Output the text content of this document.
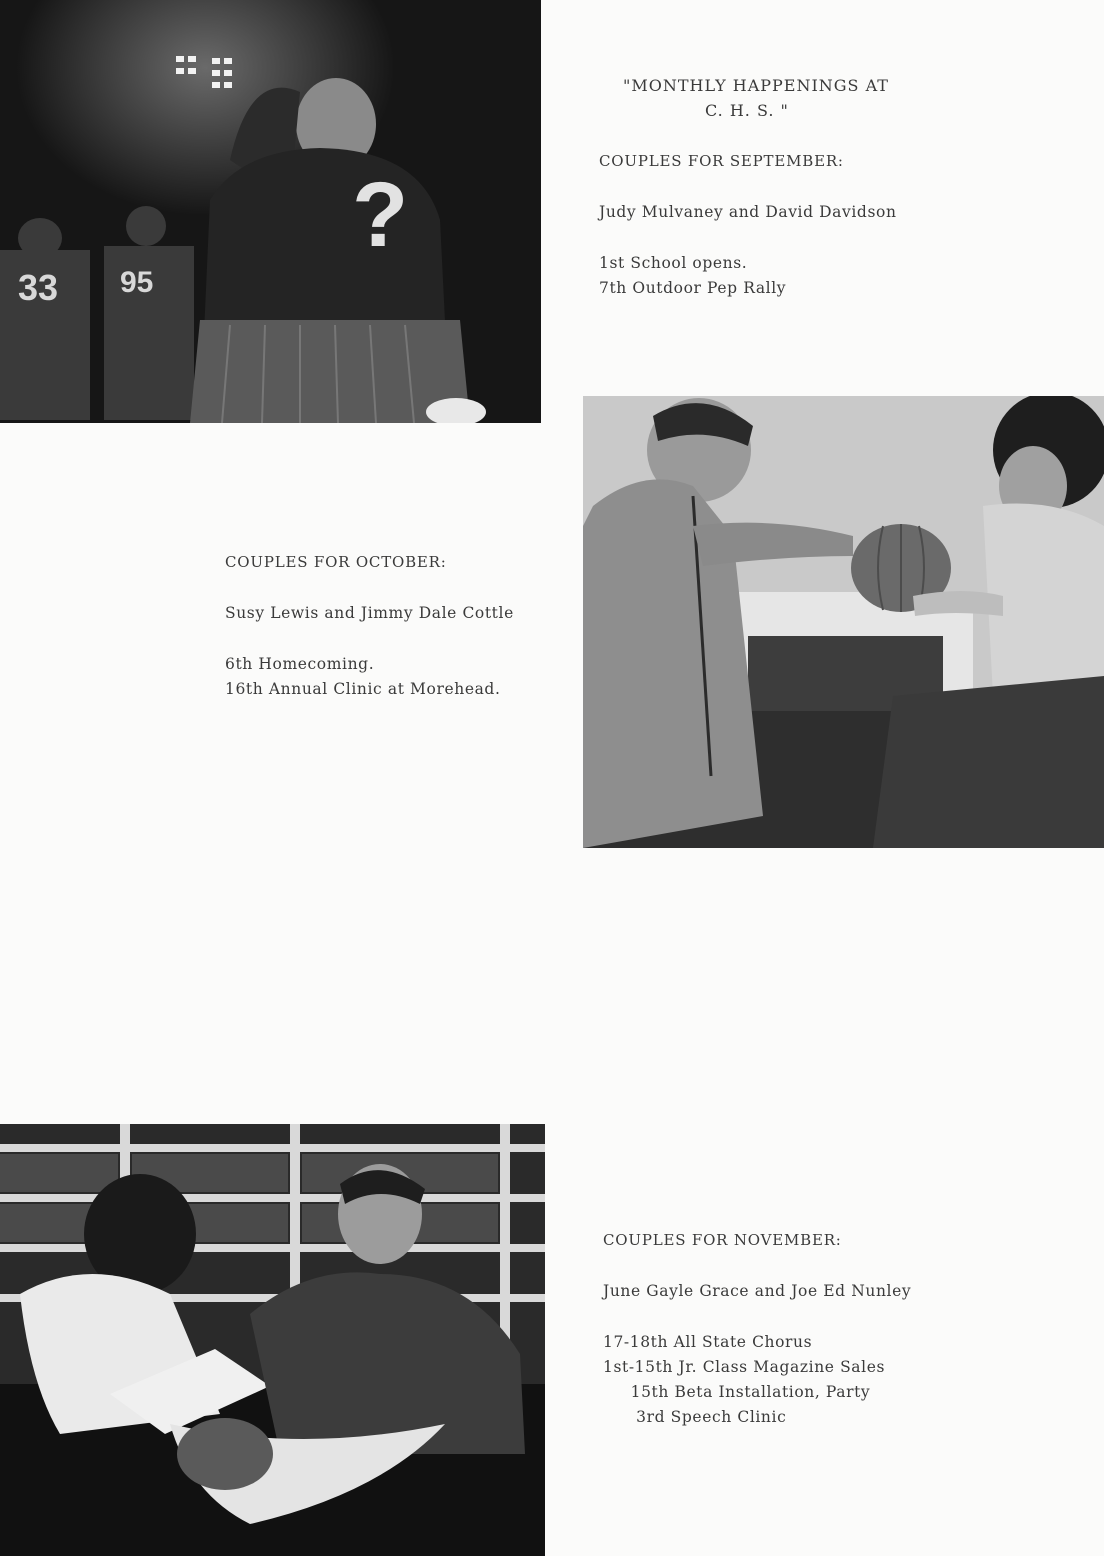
33 95
?

"MONTHLY HAPPENINGS AT

C. H. S. "

COUPLES FOR SEPTEMBER:

Judy Mulvaney and David Davidson

1st School opens.

7th Outdoor Pep Rally

COUPLES FOR OCTOBER:

Susy Lewis and Jimmy Dale Cottle

6th Homecoming.

16th Annual Clinic at Morehead.

COUPLES FOR NOVEMBER:

June Gayle Grace and Joe Ed Nunley

17-18th All State Chorus

1st-15th Jr. Class Magazine Sales

15th Beta Installation, Party

3rd Speech Clinic
